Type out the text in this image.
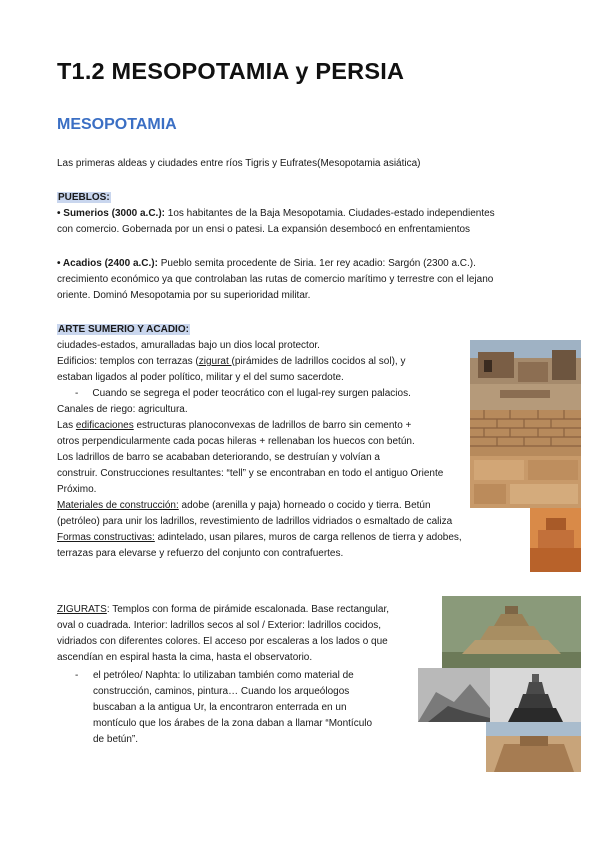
T1.2 MESOPOTAMIA y PERSIA
MESOPOTAMIA
Las primeras aldeas y ciudades entre ríos Tigris y Eufrates(Mesopotamia asiática)
PUEBLOS:
• Sumerios (3000 a.C.): 1os habitantes de la Baja Mesopotamia. Ciudades-estado independientes
con comercio. Gobernada por un ensi o patesi. La expansión desembocó en enfrentamientos
• Acadios (2400 a.C.): Pueblo semita procedente de Siria. 1er rey acadio: Sargón (2300 a.C.).
crecimiento económico ya que controlaban las rutas de comercio marítimo y terrestre con el lejano
oriente. Dominó Mesopotamia por su superioridad militar.
ARTE SUMERIO Y ACADIO:
ciudades-estados, amuralladas bajo un dios local protector.
Edificios: templos con terrazas (zigurat (pirámides de ladrillos cocidos al sol), y
estaban ligados al poder político, militar y el del sumo sacerdote.
- Cuando se segrega el poder teocrático con el lugal-rey surgen palacios.
Canales de riego: agricultura.
Las edificaciones estructuras planoconvexas de ladrillos de barro sin cemento +
otros perpendicularmente cada pocas hileras + rellenaban los huecos con betún.
Los ladrillos de barro se acababan deteriorando, se destruían y volvían a
construir. Construcciones resultantes: “tell” y se encontraban en todo el antiguo Oriente
Próximo.
Materiales de construcción: adobe (arenilla y paja) horneado o cocido y tierra. Betún
(petróleo) para unir los ladrillos, revestimiento de ladrillos vidriados o esmaltado de caliza
Formas constructivas: adintelado, usan pilares, muros de carga rellenos de tierra y adobes,
terrazas para elevarse y refuerzo del conjunto con contrafuertes.
ZIGURATS: Templos con forma de pirámide escalonada. Base rectangular,
oval o cuadrada. Interior: ladrillos secos al sol / Exterior: ladrillos cocidos,
vidriados con diferentes colores. El acceso por escaleras a los lados o que
ascendían en espiral hasta la cima, hasta el observatorio.
- el petróleo/ Naphta: lo utilizaban también como material de
construcción, caminos, pintura… Cuando los arqueólogos
buscaban a la antigua Ur, la encontraron enterrada en un
montículo que los árabes de la zona daban a llamar “Montículo
de betún”.
